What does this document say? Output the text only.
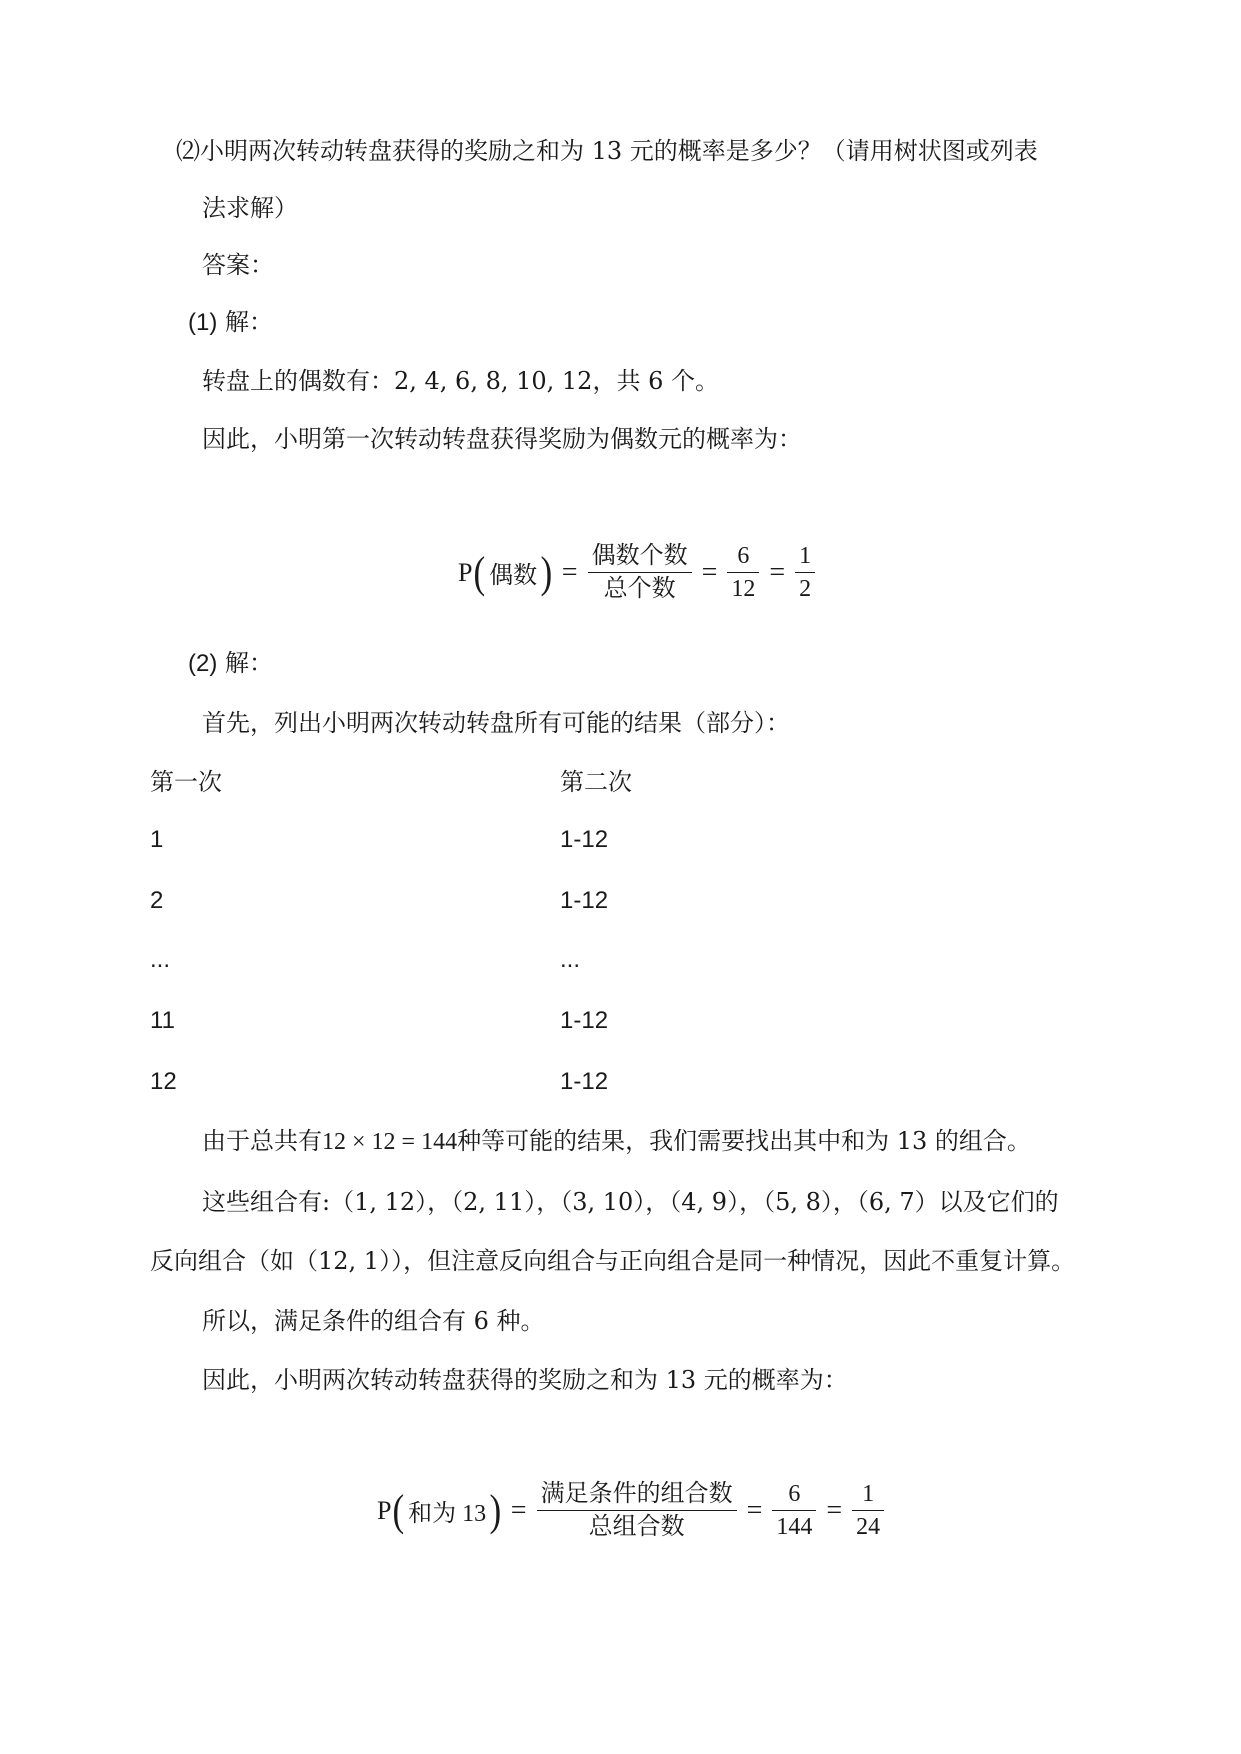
⑵小明两次转动转盘获得的奖励之和为 13 元的概率是多少？（请用树状图或列表
法求解）
答案：
(1) 解：
转盘上的偶数有：2, 4, 6, 8, 10, 12，共 6 个。
因此，小明第一次转动转盘获得奖励为偶数元的概率为：
P ( 偶数 ) = $\frac{\text{偶数个数}}{\text{总个数}} = \frac{6}{12} = \frac{1}{2}$
(2) 解：
首先，列出小明两次转动转盘所有可能的结果（部分）：
第一次	第二次
1	1-12
2	1-12
...	...
11	1-12
12	1-12
由于总共有12 × 12 = 144种等可能的结果，我们需要找出其中和为 13 的组合。
这些组合有:（1, 12），（2, 11），（3, 10），（4, 9），（5, 8），（6, 7）以及它们的
反向组合（如（12, 1）），但注意反向组合与正向组合是同一种情况，因此不重复计算。
所以，满足条件的组合有 6 种。
因此，小明两次转动转盘获得的奖励之和为 13 元的概率为：
P ( 和为 13 ) = $\frac{\text{满足条件的组合数}}{\text{总组合数}} = \frac{6}{144} = \frac{1}{24}$
